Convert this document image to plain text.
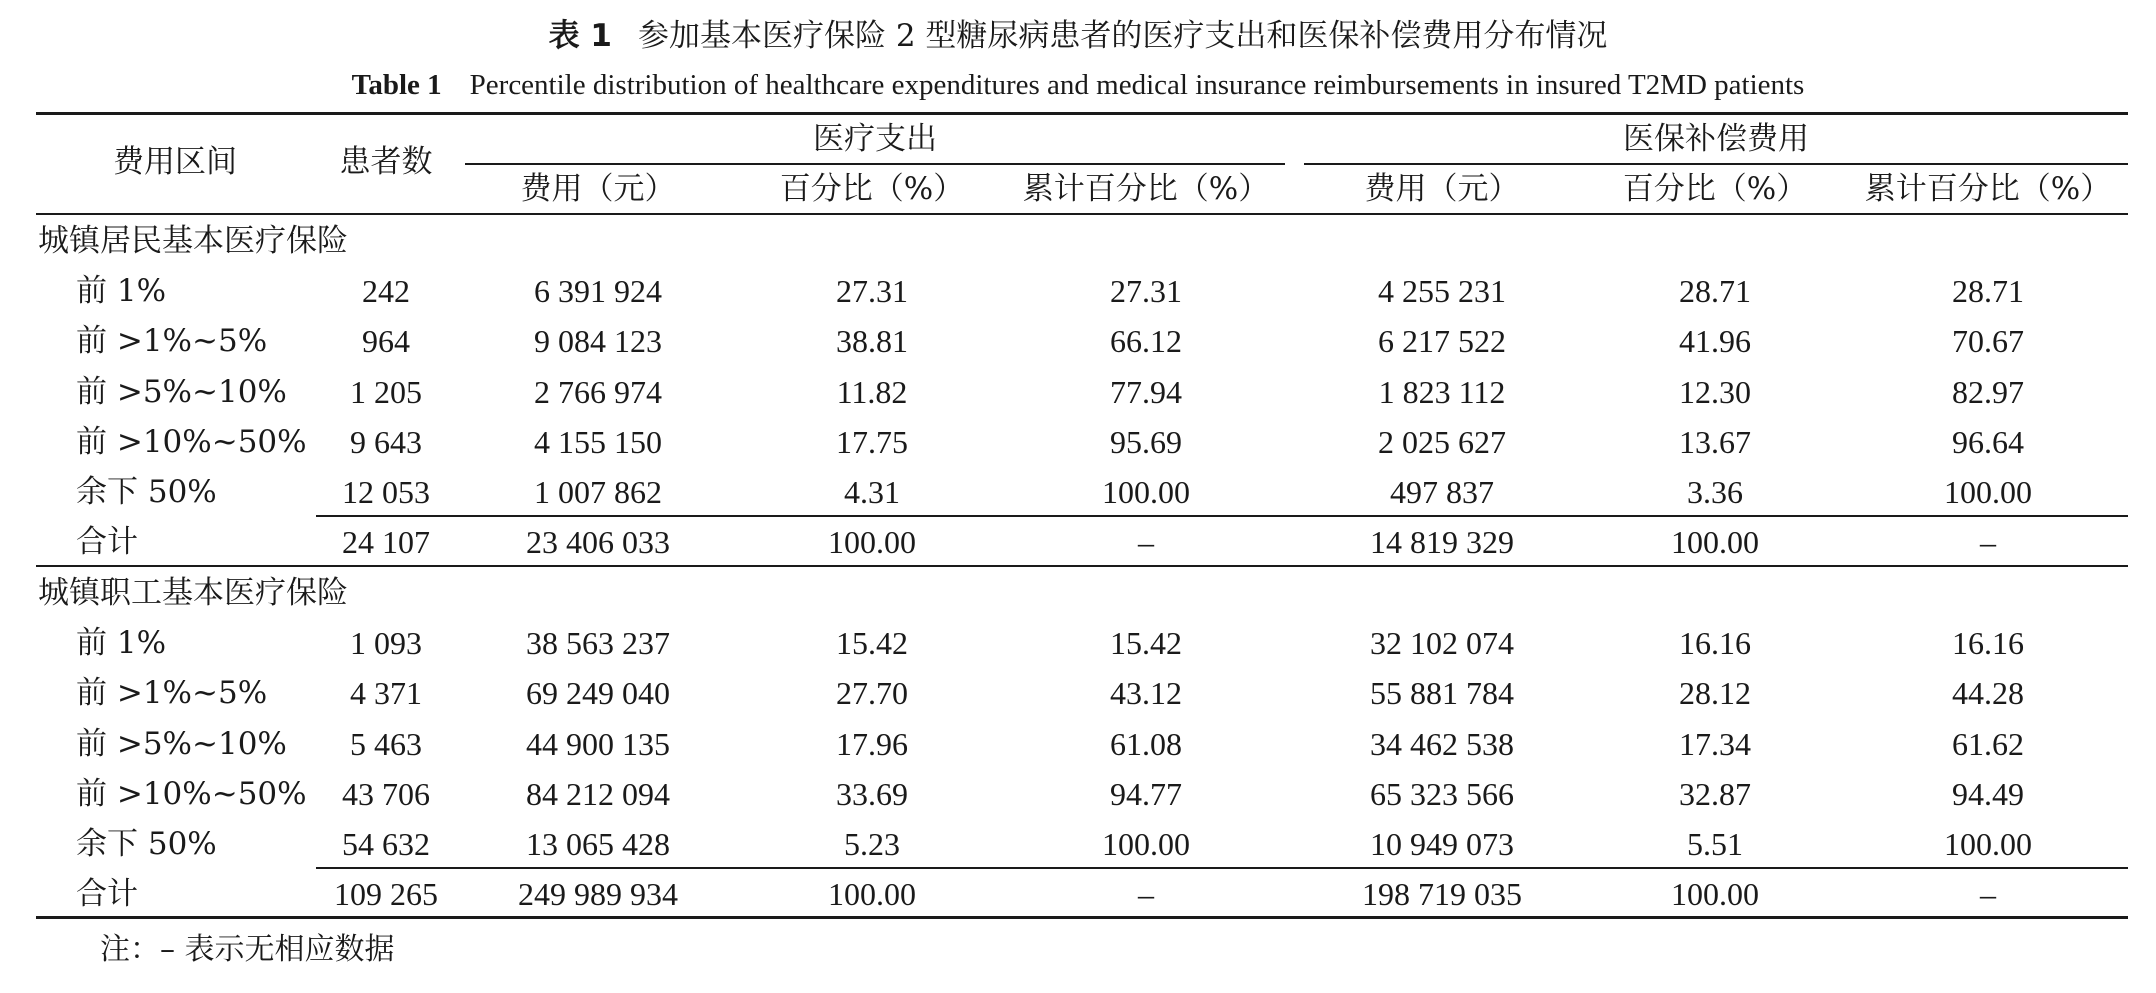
表 1 参加基本医疗保险 2 型糖尿病患者的医疗支出和医保补偿费用分布情况
Table 1 Percentile distribution of healthcare expenditures and medical insurance reimbursements in insured T2MD patients
费用区间	患者数
医疗支出	医保补偿费用
费用（元）	百分比（%）	累计百分比（%）	费用（元）	百分比（%）	累计百分比（%）
城镇居民基本医疗保险
前 1%	242	6 391 924	27.31	27.31	4 255 231	28.71	28.71
前 >1%~5%	964	9 084 123	38.81	66.12	6 217 522	41.96	70.67
前 >5%~10%	1 205	2 766 974	11.82	77.94	1 823 112	12.30	82.97
前 >10%~50%	9 643	4 155 150	17.75	95.69	2 025 627	13.67	96.64
余下 50%	12 053	1 007 862	4.31	100.00	497 837	3.36	100.00
合计	24 107	23 406 033	100.00	–	14 819 329	100.00	–
城镇职工基本医疗保险
前 1%	1 093	38 563 237	15.42	15.42	32 102 074	16.16	16.16
前 >1%~5%	4 371	69 249 040	27.70	43.12	55 881 784	28.12	44.28
前 >5%~10%	5 463	44 900 135	17.96	61.08	34 462 538	17.34	61.62
前 >10%~50%	43 706	84 212 094	33.69	94.77	65 323 566	32.87	94.49
余下 50%	54 632	13 065 428	5.23	100.00	10 949 073	5.51	100.00
合计	109 265	249 989 934	100.00	–	198 719 035	100.00	–
注：– 表示无相应数据
